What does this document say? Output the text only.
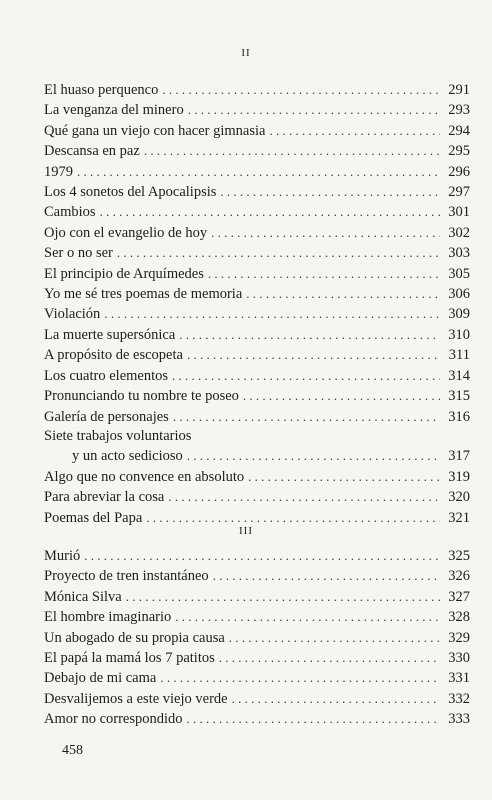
II
El huaso perquenco . . .	291
La venganza del minero . . .	293
Qué gana un viejo con hacer gimnasia . . .	294
Descansa en paz . . .	295
1979 . . .	296
Los 4 sonetos del Apocalipsis . . .	297
Cambios . . .	301
Ojo con el evangelio de hoy . . .	302
Ser o no ser . . .	303
El principio de Arquímedes . . .	305
Yo me sé tres poemas de memoria . . .	306
Violación . . .	309
La muerte supersónica . . .	310
A propósito de escopeta . . .	311
Los cuatro elementos . . .	314
Pronunciando tu nombre te poseo . . .	315
Galería de personajes . . .	316
Siete trabajos voluntarios
y un acto sedicioso . . .	317
Algo que no convence en absoluto . . .	319
Para abreviar la cosa . . .	320
Poemas del Papa . . .	321
III
Murió . . .	325
Proyecto de tren instantáneo . . .	326
Mónica Silva . . .	327
El hombre imaginario . . .	328
Un abogado de su propia causa . . .	329
El papá la mamá los 7 patitos . . .	330
Debajo de mi cama . . .	331
Desvalijemos a este viejo verde . . .	332
Amor no correspondido . . .	333
458
